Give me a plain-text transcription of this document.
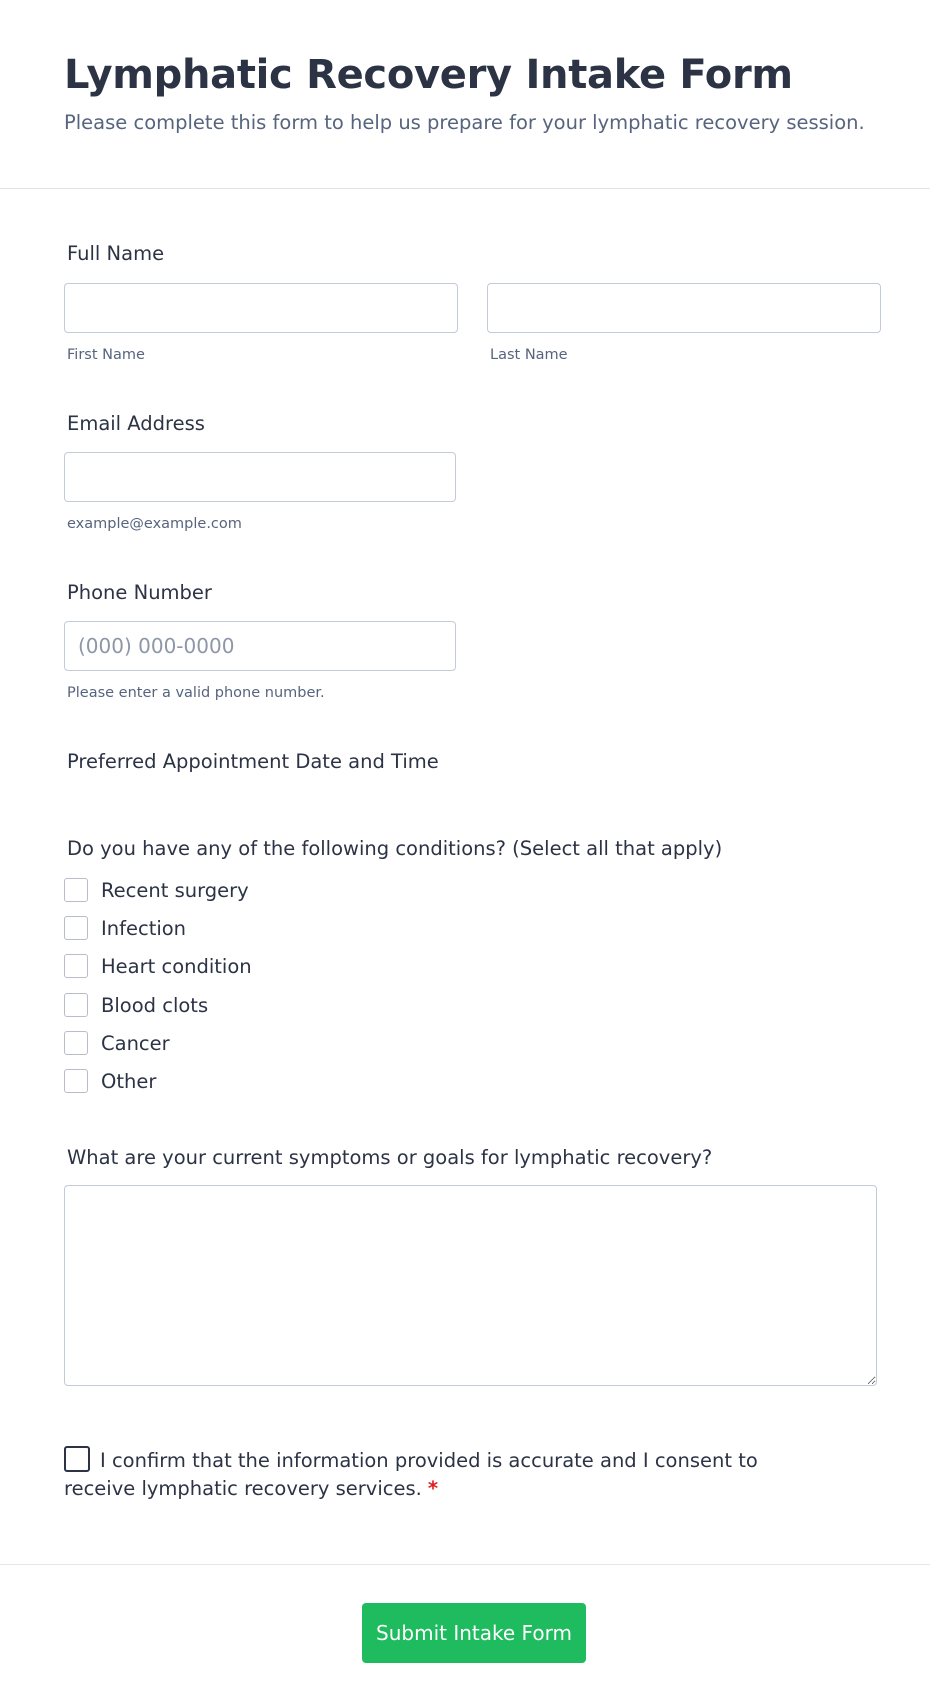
Lymphatic Recovery Intake Form

Please complete this form to help us prepare for your lymphatic recovery session.

Full Name
First Name	Last Name
Email Address
example@example.com
Phone Number
(000) 000-0000
Please enter a valid phone number.
Preferred Appointment Date and Time
Do you have any of the following conditions? (Select all that apply)
Recent surgery
Infection
Heart condition
Blood clots
Cancer
Other
What are your current symptoms or goals for lymphatic recovery?
I confirm that the information provided is accurate and I consent to receive lymphatic recovery services. *
Submit Intake Form
